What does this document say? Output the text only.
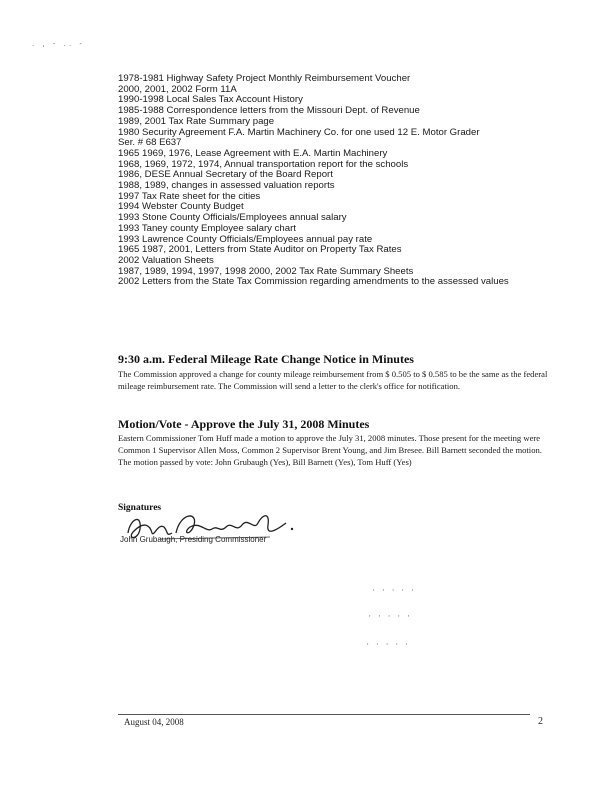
. , - .. -
1978-1981 Highway Safety Project Monthly Reimbursement Voucher
2000, 2001, 2002 Form 11A
1990-1998 Local Sales Tax Account History
1985-1988 Correspondence letters from the Missouri Dept. of Revenue
1989, 2001 Tax Rate Summary page
1980 Security Agreement F.A. Martin Machinery Co. for one used 12 E. Motor Grader
Ser. # 68 E637
1965 1969, 1976, Lease Agreement with E.A. Martin Machinery
1968, 1969, 1972, 1974, Annual transportation report for the schools
1986, DESE Annual Secretary of the Board Report
1988, 1989, changes in assessed valuation reports
1997 Tax Rate sheet for the cities
1994 Webster County Budget
1993 Stone County Officials/Employees annual salary
1993 Taney county Employee salary chart
1993 Lawrence County Officials/Employees annual pay rate
1965 1987, 2001, Letters from State Auditor on Property Tax Rates
2002 Valuation Sheets
1987, 1989, 1994, 1997, 1998 2000, 2002 Tax Rate Summary Sheets
2002 Letters from the State Tax Commission regarding amendments to the assessed values
9:30 a.m. Federal Mileage Rate Change Notice in Minutes

The Commission approved a change for county mileage reimbursement from $ 0.505 to $ 0.585 to be the same as the federal mileage reimbursement rate. The Commission will send a letter to the clerk's office for notification.

Motion/Vote - Approve the July 31, 2008 Minutes

Eastern Commissioner Tom Huff made a motion to approve the July 31, 2008 minutes. Those present for the meeting were Common 1 Supervisor Allen Moss, Common 2 Supervisor Brent Young, and Jim Bresee. Bill Barnett seconded the motion. The motion passed by vote: John Grubaugh (Yes), Bill Barnett (Yes), Tom Huff (Yes)

Signatures
John Grubaugh, Presiding Commissioner
· · · · ·
· · · · ·
· · · · ·
August 04, 2008	2
